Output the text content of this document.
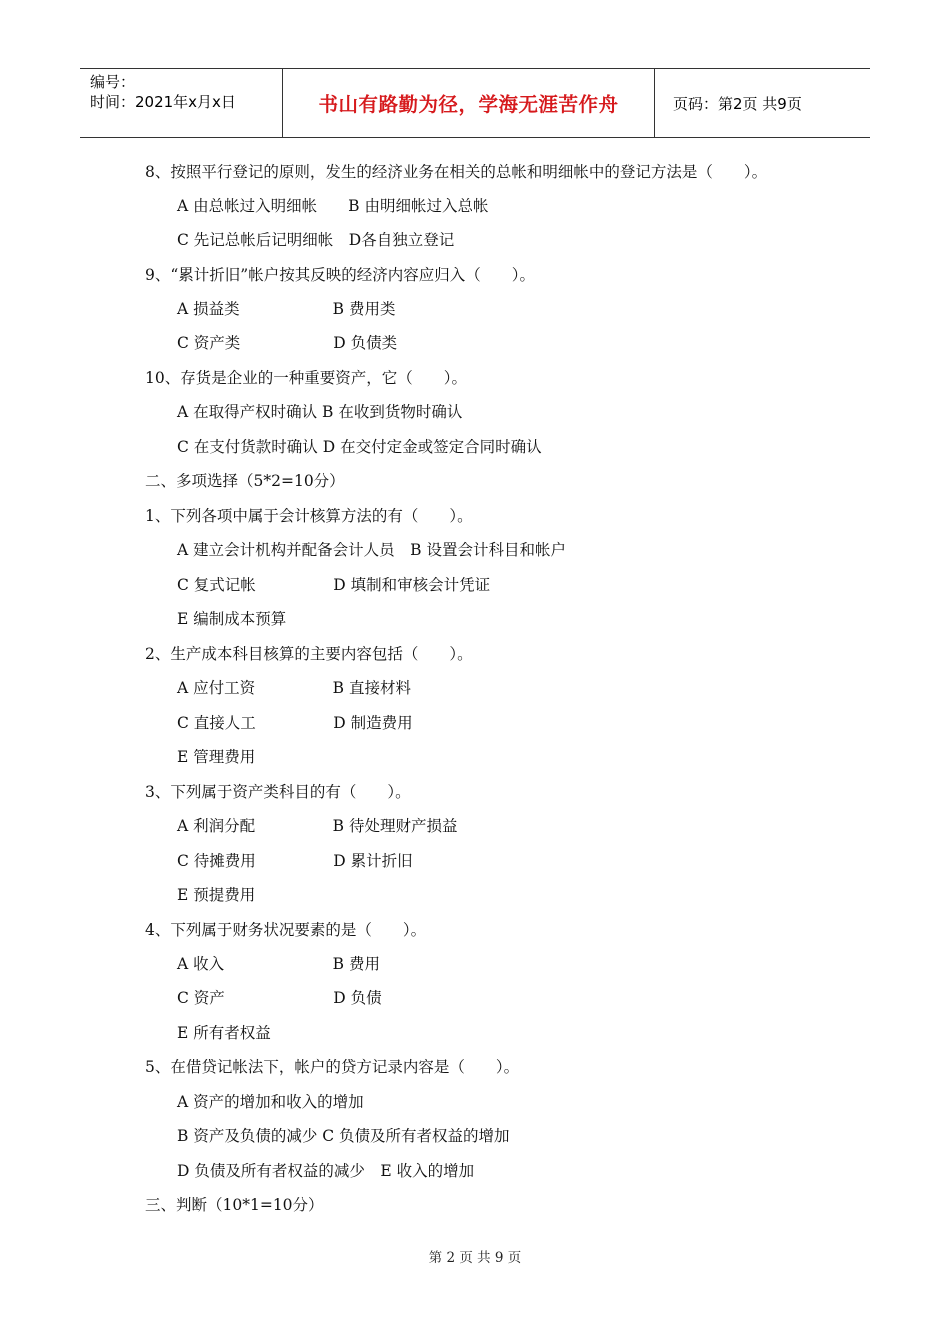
编号：
时间：2021年x月x日	书山有路勤为径，学海无涯苦作舟	页码：第2页 共9页
8、按照平行登记的原则，发生的经济业务在相关的总帐和明细帐中的登记方法是（　　）。
A 由总帐过入明细帐　　B 由明细帐过入总帐
C 先记总帐后记明细帐　D各自独立登记
9、“累计折旧”帐户按其反映的经济内容应归入（　　）。
A 损益类　　　　　　B 费用类
C 资产类　　　　　　D 负债类
10、存货是企业的一种重要资产，它（　　）。
A 在取得产权时确认 B 在收到货物时确认
C 在支付货款时确认 D 在交付定金或签定合同时确认
二、多项选择（5*2=10分）
1、下列各项中属于会计核算方法的有（　　）。
A 建立会计机构并配备会计人员　B 设置会计科目和帐户
C 复式记帐　　　　　D 填制和审核会计凭证
E 编制成本预算
2、生产成本科目核算的主要内容包括（　　）。
A 应付工资　　　　　B 直接材料
C 直接人工　　　　　D 制造费用
E 管理费用
3、下列属于资产类科目的有（　　）。
A 利润分配　　　　　B 待处理财产损益
C 待摊费用　　　　　D 累计折旧
E 预提费用
4、下列属于财务状况要素的是（　　）。
A 收入　　　　　　　B 费用
C 资产　　　　　　　D 负债
E 所有者权益
5、在借贷记帐法下，帐户的贷方记录内容是（　　）。
A 资产的增加和收入的增加
B 资产及负债的减少 C 负债及所有者权益的增加
D 负债及所有者权益的减少　E 收入的增加
三、判断（10*1=10分）
第 2 页 共 9 页
